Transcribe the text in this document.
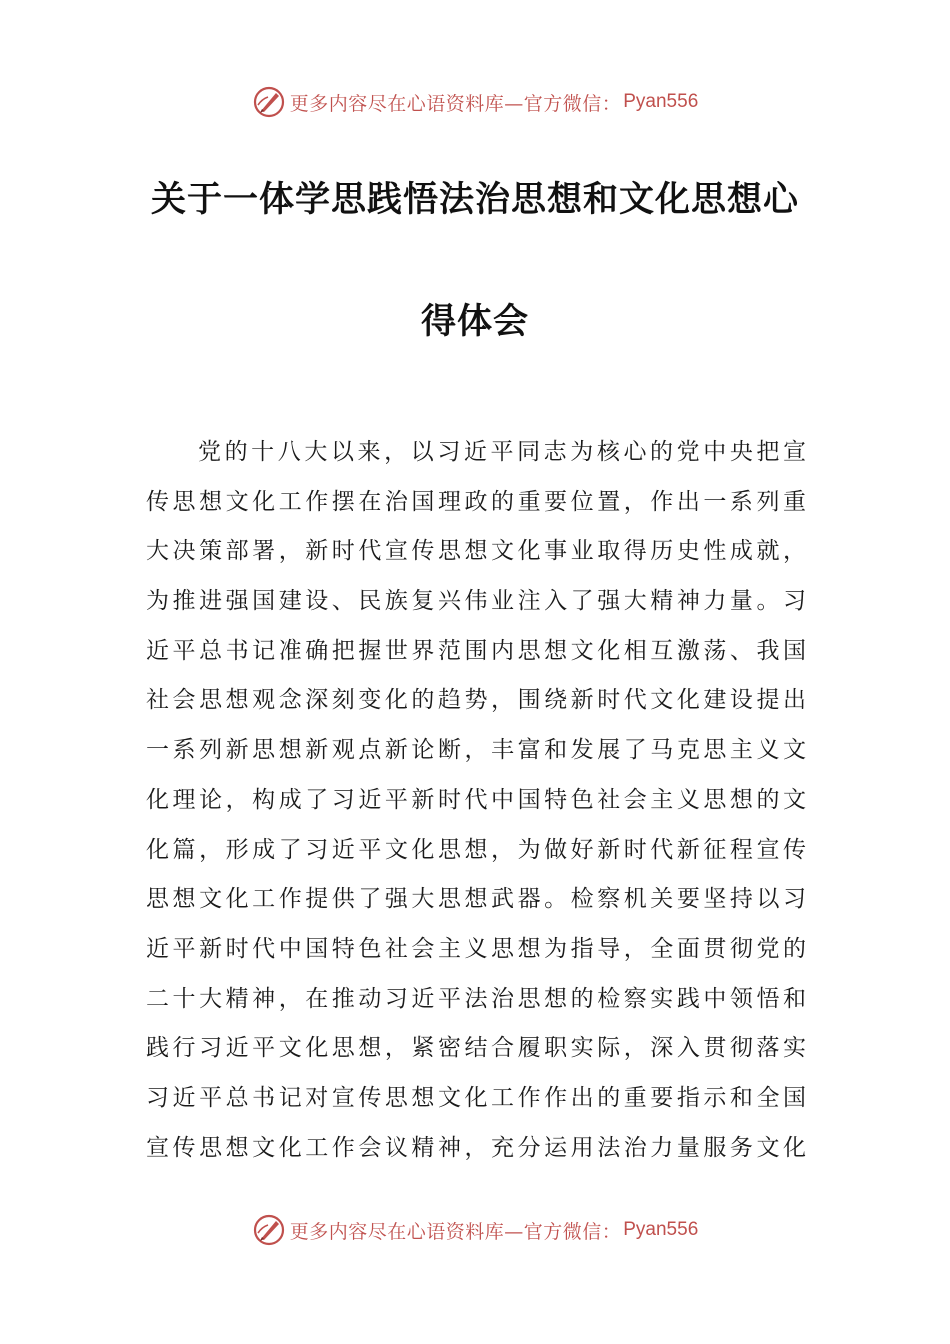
更多内容尽在心语资料库—官方微信： Pyan556
关于一体学思践悟法治思想和文化思想心
得体会
党的十八大以来，以习近平同志为核心的党中央把宣
传思想文化工作摆在治国理政的重要位置，作出一系列重
大决策部署，新时代宣传思想文化事业取得历史性成就，
为推进强国建设、民族复兴伟业注入了强大精神力量。习
近平总书记准确把握世界范围内思想文化相互激荡、我国
社会思想观念深刻变化的趋势，围绕新时代文化建设提出
一系列新思想新观点新论断，丰富和发展了马克思主义文
化理论，构成了习近平新时代中国特色社会主义思想的文
化篇，形成了习近平文化思想，为做好新时代新征程宣传
思想文化工作提供了强大思想武器。检察机关要坚持以习
近平新时代中国特色社会主义思想为指导，全面贯彻党的
二十大精神，在推动习近平法治思想的检察实践中领悟和
践行习近平文化思想，紧密结合履职实际，深入贯彻落实
习近平总书记对宣传思想文化工作作出的重要指示和全国
宣传思想文化工作会议精神，充分运用法治力量服务文化
更多内容尽在心语资料库—官方微信： Pyan556
